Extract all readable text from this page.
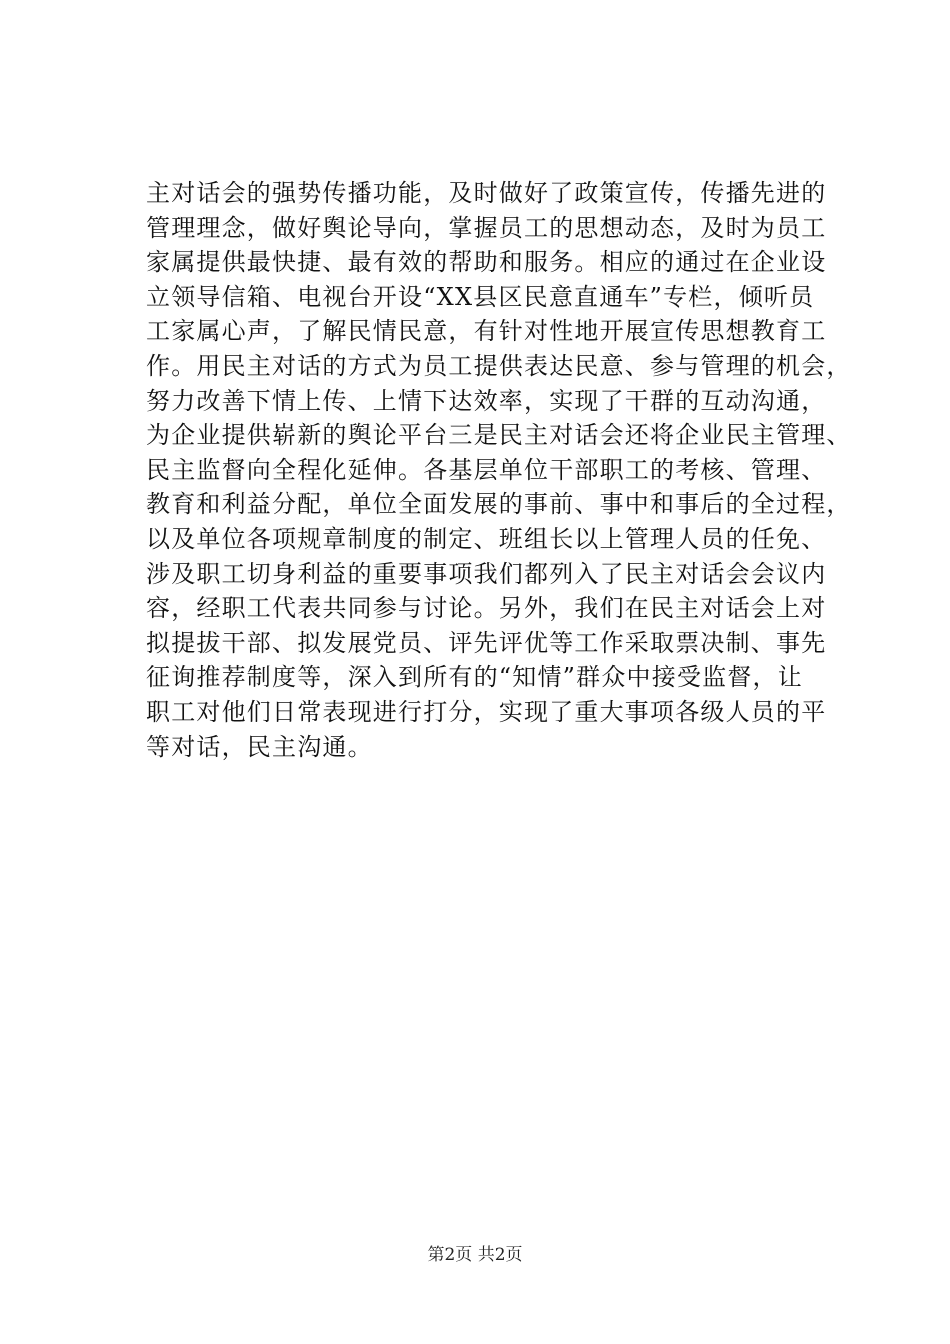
主对话会的强势传播功能，及时做好了政策宣传，传播先进的
管理理念，做好舆论导向，掌握员工的思想动态，及时为员工
家属提供最快捷、最有效的帮助和服务。相应的通过在企业设
立领导信箱、电视台开设“XX县区民意直通车”专栏，倾听员
工家属心声，了解民情民意，有针对性地开展宣传思想教育工
作。用民主对话的方式为员工提供表达民意、参与管理的机会，
努力改善下情上传、上情下达效率，实现了干群的互动沟通，
为企业提供崭新的舆论平台三是民主对话会还将企业民主管理、
民主监督向全程化延伸。各基层单位干部职工的考核、管理、
教育和利益分配，单位全面发展的事前、事中和事后的全过程，
以及单位各项规章制度的制定、班组长以上管理人员的任免、
涉及职工切身利益的重要事项我们都列入了民主对话会会议内
容，经职工代表共同参与讨论。另外，我们在民主对话会上对
拟提拔干部、拟发展党员、评先评优等工作采取票决制、事先
征询推荐制度等，深入到所有的“知情”群众中接受监督，让
职工对他们日常表现进行打分，实现了重大事项各级人员的平
等对话，民主沟通。
第2页 共2页
